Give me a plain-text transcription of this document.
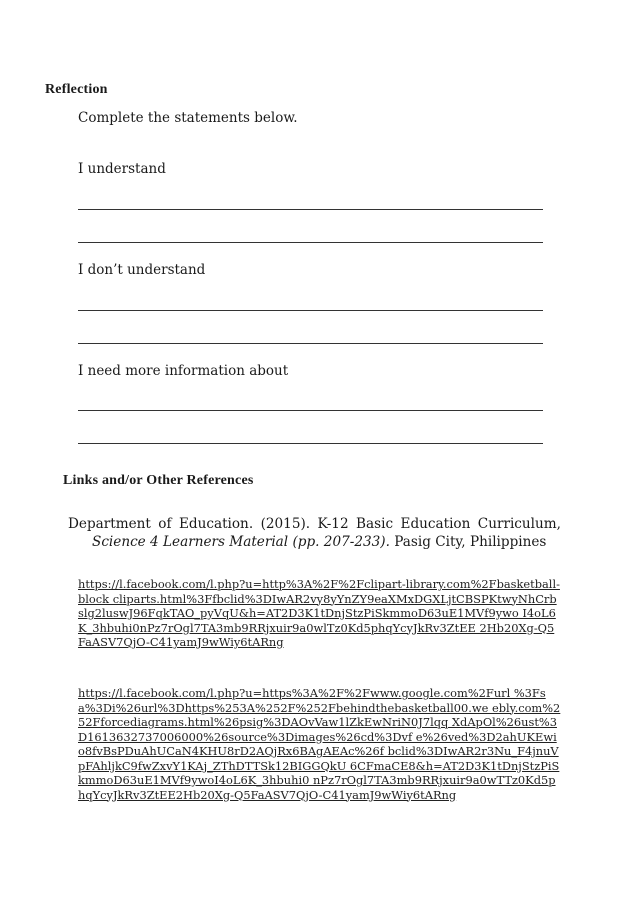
Reflection
Complete the statements below.
I understand
I don’t understand
I need more information about
Links and/or Other References

Department of Education. (2015). K-12 Basic Education Curriculum, Science 4 Learners Material (pp. 207-233). Pasig City, Philippines

https://l.facebook.com/l.php?u=http%3A%2F%2Fclipart-library.com%2Fbasketball-block cliparts.html%3Ffbclid%3DIwAR2vy8yYnZY9eaXMxDGXLjtCBSPKtwyNhCrb slg2luswJ96FqkTAO_pyVqU&h=AT2D3K1tDnjStzPiSkmmoD63uE1MVf9ywo I4oL6K_3hbuhi0nPz7rOgl7TA3mb9RRjxuir9a0wlTz0Kd5phqYcyJkRv3ZtEE 2Hb20Xg-Q5FaASV7QjO-C41yamJ9wWiy6tARng
https://l.facebook.com/l.php?u=https%3A%2F%2Fwww.google.com%2Furl %3Fsa%3Di%26url%3Dhttps%253A%252F%252Fbehindthebasketball00.we ebly.com%252Fforcediagrams.html%26psig%3DAOvVaw1lZkEwNriN0J7lqq XdApOl%26ust%3D1613632737006000%26source%3Dimages%26cd%3Dvf e%26ved%3D2ahUKEwio8fvBsPDuAhUCaN4KHU8rD2AQjRx6BAgAEAc%26f bclid%3DIwAR2r3Nu_F4jnuVpFAhljkC9fwZxvY1KAj_ZThDTTSk12BIGGQkU 6CFmaCE8&h=AT2D3K1tDnjStzPiSkmmoD63uE1MVf9ywoI4oL6K_3hbuhi0 nPz7rOgl7TA3mb9RRjxuir9a0wTTz0Kd5phqYcyJkRv3ZtEE2Hb20Xg-Q5FaASV7QjO-C41yamJ9wWiy6tARng
